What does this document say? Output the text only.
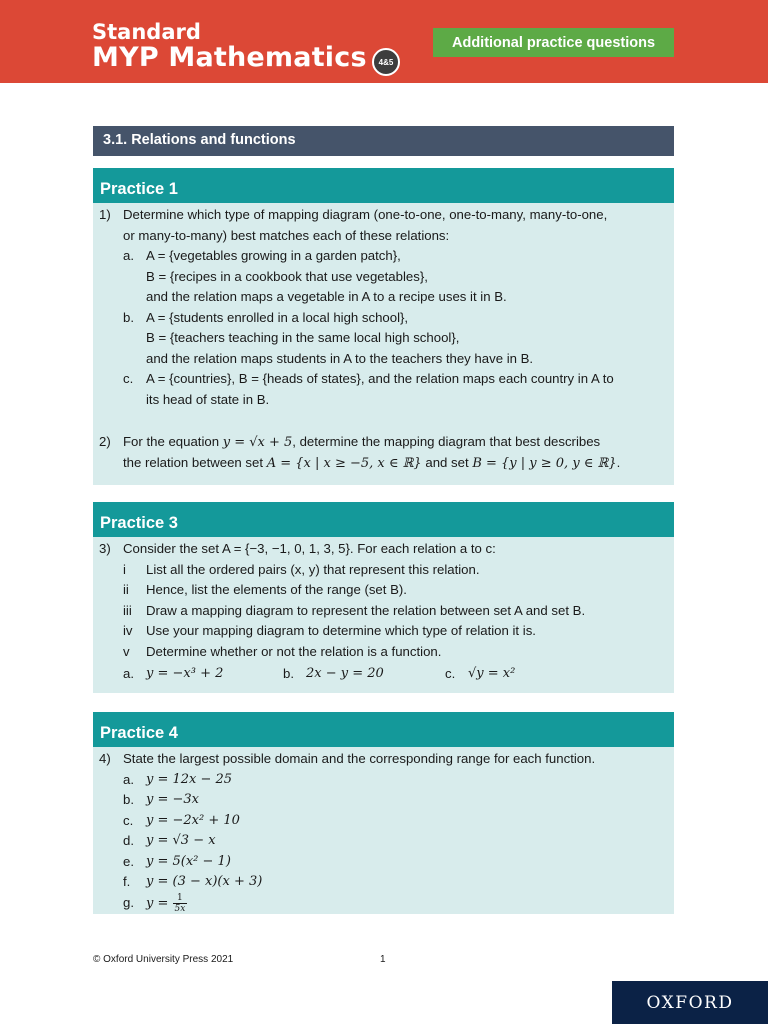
Standard
MYP Mathematics	4&5
Additional practice questions
3.1. Relations and functions
Practice 1
1) Determine which type of mapping diagram (one-to-one, one-to-many, many-to-one,
or many-to-many) best matches each of these relations:
a. A = {vegetables growing in a garden patch},
B = {recipes in a cookbook that use vegetables},
and the relation maps a vegetable in A to a recipe uses it in B.
b. A = {students enrolled in a local high school},
B = {teachers teaching in the same local high school},
and the relation maps students in A to the teachers they have in B.
c. A = {countries}, B = {heads of states}, and the relation maps each country in A to
its head of state in B.
2) For the equation y = √x + 5, determine the mapping diagram that best describes
the relation between set A = {x | x ≥ −5, x ∈ ℝ} and set B = {y | y ≥ 0, y ∈ ℝ}.
Practice 3
3) Consider the set A = {−3, −1, 0, 1, 3, 5}. For each relation a to c:
i List all the ordered pairs (x, y) that represent this relation.
ii Hence, list the elements of the range (set B).
iii Draw a mapping diagram to represent the relation between set A and set B.
iv Use your mapping diagram to determine which type of relation it is.
v Determine whether or not the relation is a function.
a. y = −x³ + 2	b. 2x − y = 20	c. √y = x²
Practice 4
4) State the largest possible domain and the corresponding range for each function.
a. y = 12x − 25
b. y = −3x
c. y = −2x² + 10
d. y = √3 − x
e. y = 5(x² − 1)
f. y = (3 − x)(x + 3)
g. $y = \frac{1}{5x}$
© Oxford University Press 2021	1
OXFORD
